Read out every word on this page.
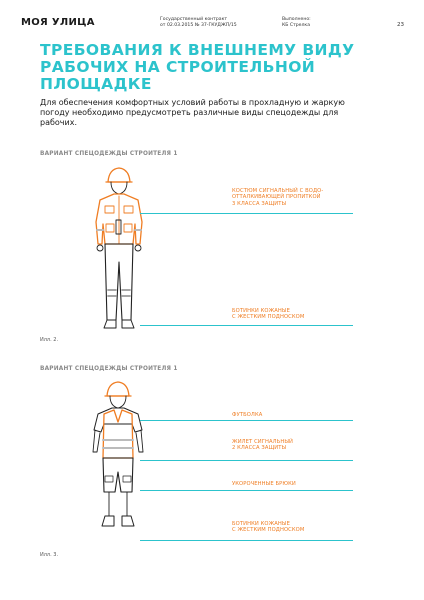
МОЯ УЛИЦА	Государственный контракт
от 02.03.2015 № 37-ГКУДЖП/15
Выполнено:
КБ Стрелка	23
ТРЕБОВАНИЯ К ВНЕШНЕМУ ВИДУ РАБОЧИХ НА СТРОИТЕЛЬНОЙ ПЛОЩАДКЕ
Для обеспечения комфортных условий работы в прохладную и жаркую погоду необходимо предусмотреть различные виды спецодежды для рабочих.
ВАРИАНТ СПЕЦОДЕЖДЫ СТРОИТЕЛЯ 1
КОСТЮМ СИГНАЛЬНЫЙ С ВОДО-
ОТТАЛКИВАЮЩЕЙ ПРОПИТКОЙ
3 КЛАССА ЗАЩИТЫ
БОТИНКИ КОЖАНЫЕ
С ЖЕСТКИМ ПОДНОСКОМ
Илл. 2.
ВАРИАНТ СПЕЦОДЕЖДЫ СТРОИТЕЛЯ 1
ФУТБОЛКА
ЖИЛЕТ СИГНАЛЬНЫЙ
2 КЛАССА ЗАЩИТЫ
УКОРОЧЕННЫЕ БРЮКИ
БОТИНКИ КОЖАНЫЕ
С ЖЕСТКИМ ПОДНОСКОМ
Илл. 3.
